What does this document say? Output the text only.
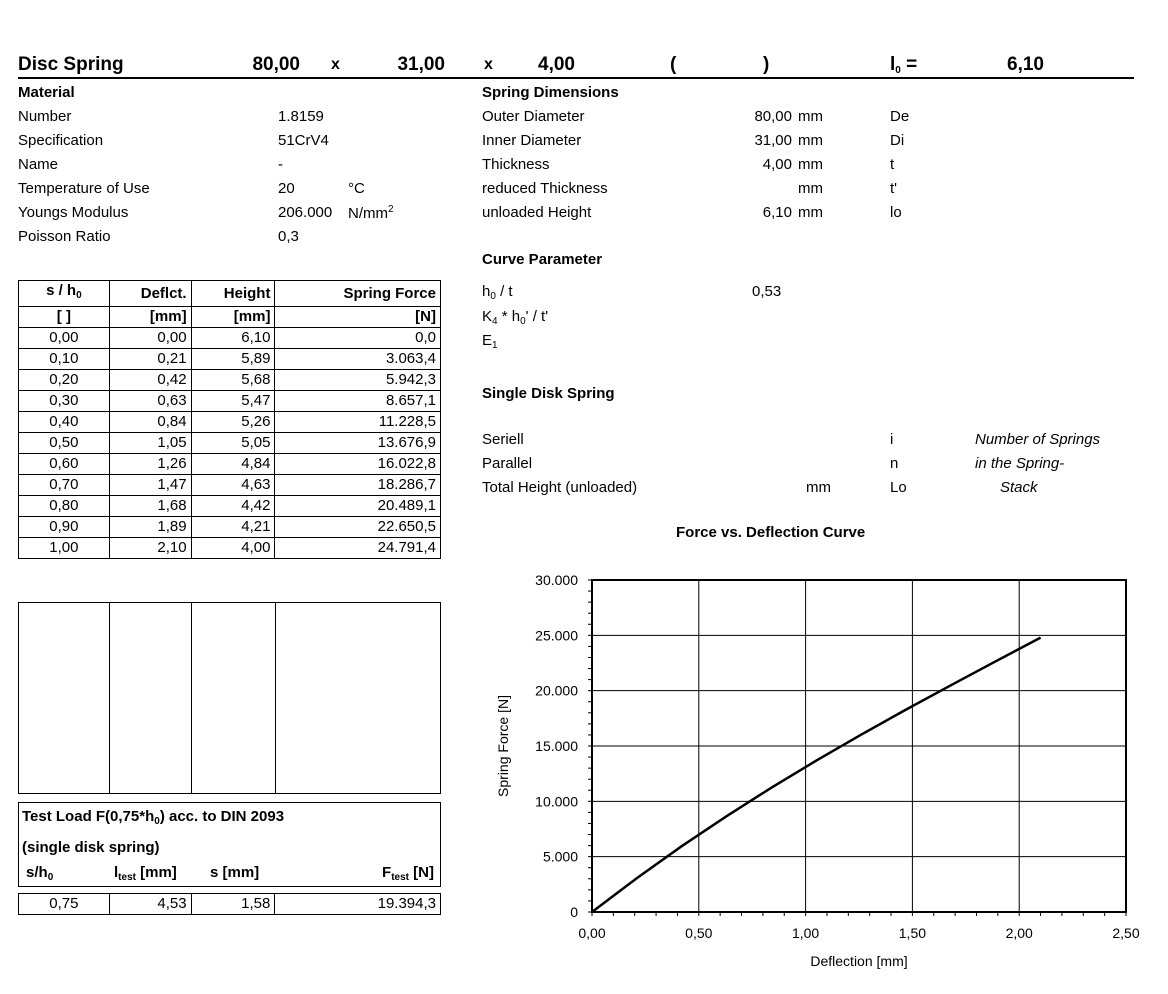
Disc Spring	80,00 x	31,00 x 4,00	(	)	$l_0$ =	6,10
Material
Number	1.8159
Specification	51CrV4
Name	-
Temperature of Use	20	°C
Youngs Modulus	206.000 $N/mm^2$
Poisson Ratio	0,3
Spring Dimensions
Outer Diameter	80,00 mm	De
Inner Diameter	31,00 mm	Di
Thickness	4,00 mm	t
reduced Thickness	mm	t'
unloaded Height	6,10 mm	lo
Curve Parameter
$h_0$ / t	0,53
$K_4 * h_0'$ / t'
$E_1$
Single Disk Spring
Seriell	i	Number of Springs
Parallel	n	in the Spring-
Total Height (unloaded)	mm	Lo	Stack
s / $h_0$	Deflct.	Height	Spring Force
[ ]	[mm]	[mm]	[N]
0,00	0,00	6,10	0,0
0,10	0,21	5,89	3.063,4
0,20	0,42	5,68	5.942,3
0,30	0,63	5,47	8.657,1
0,40	0,84	5,26	11.228,5
0,50	1,05	5,05	13.676,9
0,60	1,26	4,84	16.022,8
0,70	1,47	4,63	18.286,7
0,80	1,68	4,42	20.489,1
0,90	1,89	4,21	22.650,5
1,00	2,10	4,00	24.791,4
Test Load $F(0,75*h_0)$ acc. to DIN 2093
(single disk spring)
$s/h_0$	$l_{test}$ [mm] s [mm]	$F_{test}$ [N]
0,75	4,53	1,58	19.394,3
Force vs. Deflection Curve
0
5.000
10.000
15.000
20.000
25.000
30.000
0,00	0,50	1,00	1,50	2,00	2,50
Deflection [mm]
Spring Force [N]
